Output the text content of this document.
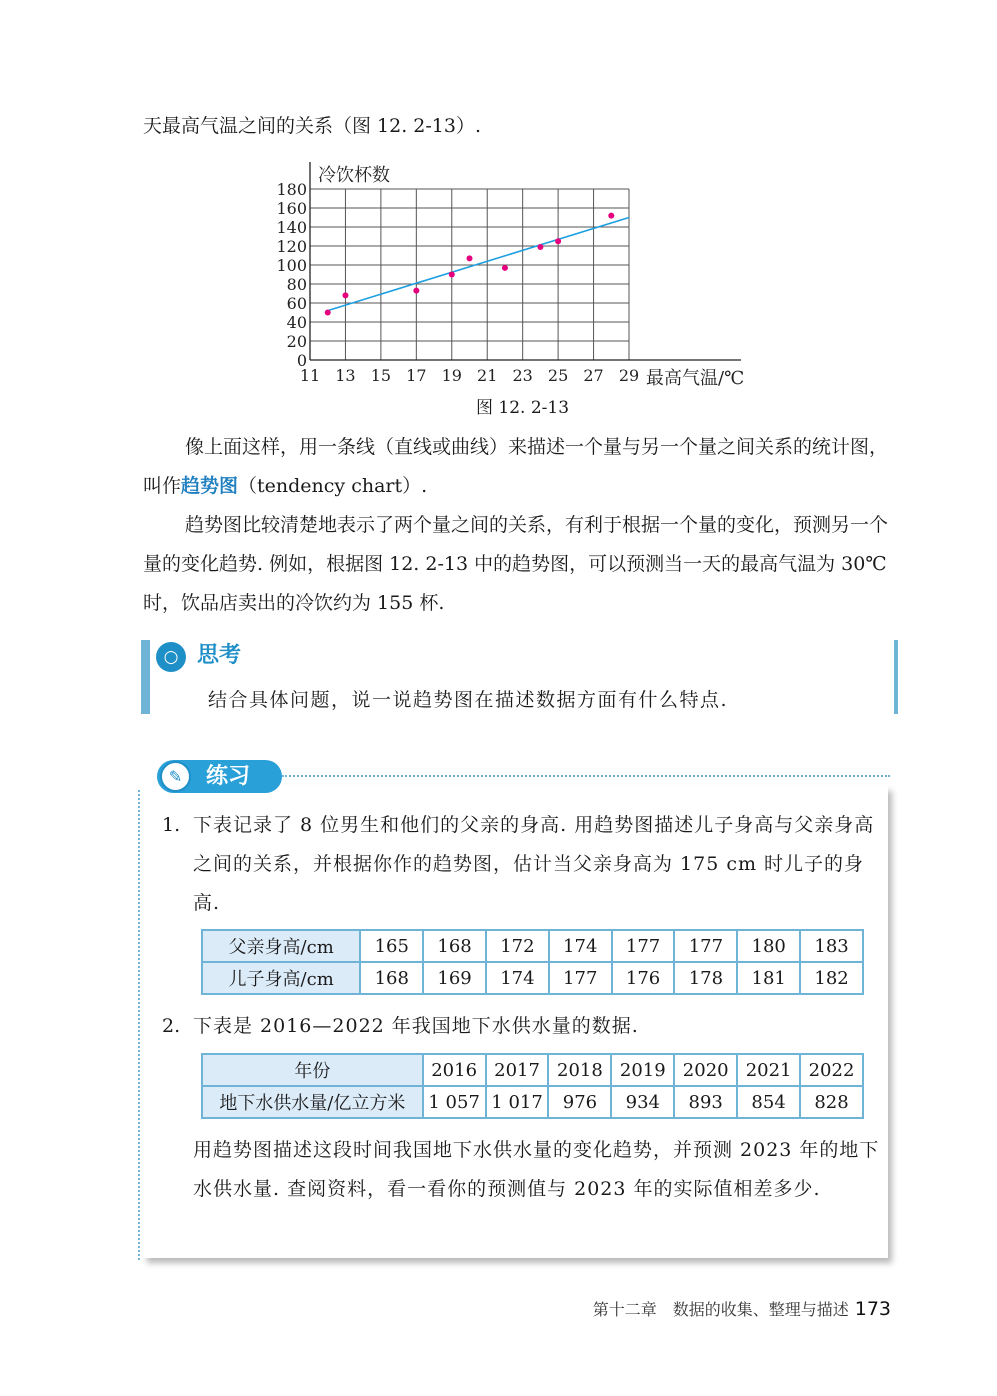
天最高气温之间的关系（图 12. 2-13）.
11 13 15 17 19 21 23 25 27 29
0
20
40
60
80
100
120
140
160
180
冷饮杯数
最高气温/℃
图 12. 2-13
像上面这样，用一条线（直线或曲线）来描述一个量与另一个量之间关系的统计图，叫作趋势图（tendency chart）.
趋势图比较清楚地表示了两个量之间的关系，有利于根据一个量的变化，预测另一个量的变化趋势. 例如，根据图 12. 2-13 中的趋势图，可以预测当一天的最高气温为 30℃ 时，饮品店卖出的冷饮约为 155 杯.
○ 思考
结合具体问题，说一说趋势图在描述数据方面有什么特点.
✎	练习
1. 下表记录了 8 位男生和他们的父亲的身高. 用趋势图描述儿子身高与父亲身高之间的关系，并根据你作的趋势图，估计当父亲身高为 175 cm 时儿子的身高.
父亲身高/cm	165	168	172	174	177	177	180	183
儿子身高/cm	168	169	174	177	176	178	181	182
2. 下表是 2016—2022 年我国地下水供水量的数据.
年份	2016	2017	2018	2019	2020	2021	2022
地下水供水量/亿立方米	1 057	1 017	976	934	893	854	828
用趋势图描述这段时间我国地下水供水量的变化趋势，并预测 2023 年的地下水供水量. 查阅资料，看一看你的预测值与 2023 年的实际值相差多少.
第十二章　数据的收集、整理与描述 173
